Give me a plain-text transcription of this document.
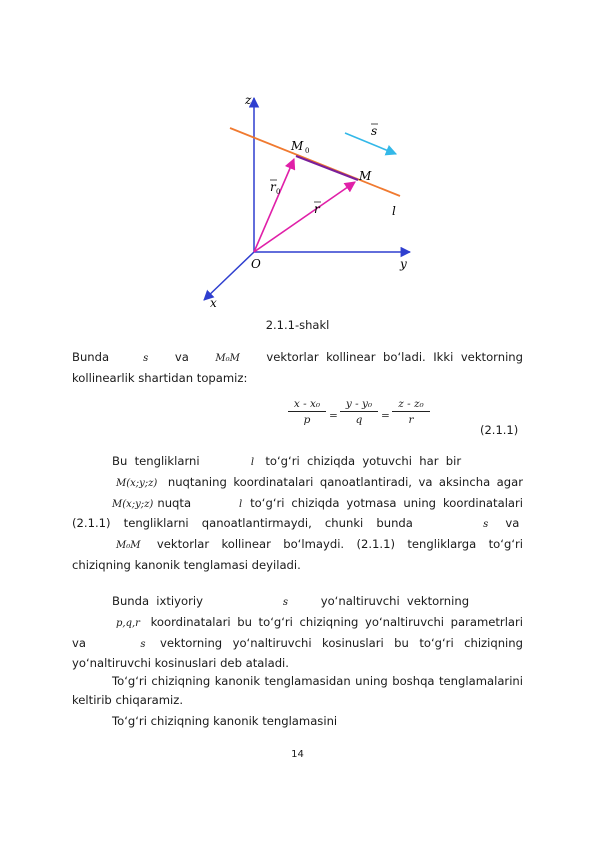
z
y
x
O
M 0
M
s
r 0
r	l
2.1.1-shakl
Bunda	s va	M₀M vektorlar kollinear bo‘ladi. Ikki vektorning kollinearlik shartidan topamiz:
$\frac{\text{x - x₀}}{p} = \frac{\text{y - y₀}}{q} = \frac{\text{z - z₀}}{r}$
(2.1.1)
Bu tengliklarni	l to‘g‘ri chiziqda yotuvchi har bir         M(x;y;z) nuqtaning koordinatalari qanoatlantiradi, va aksincha agar M(x;y;z) nuqta	l to‘g‘ri chiziqda yotmasa uning koordinatalari (2.1.1) tengliklarni qanoatlantirmaydi, chunki bunda	s va M₀M vektorlar kollinear bo‘lmaydi. (2.1.1) tengliklarga to‘g‘ri chiziqning kanonik tenglamasi deyiladi.
Bunda ixtiyoriy	s	yo‘naltiruvchi vektorning        p,q,r koordinatalari bu to‘g‘ri chiziqning yo‘naltiruvchi parametrlari va	s vektorning yo‘naltiruvchi kosinuslari bu to‘g‘ri chiziqning yo‘naltiruvchi kosinuslari deb ataladi.
To‘g‘ri chiziqning kanonik tenglamasidan uning boshqa tenglamalarini keltirib chiqaramiz.
To‘g‘ri chiziqning kanonik tenglamasini
14
